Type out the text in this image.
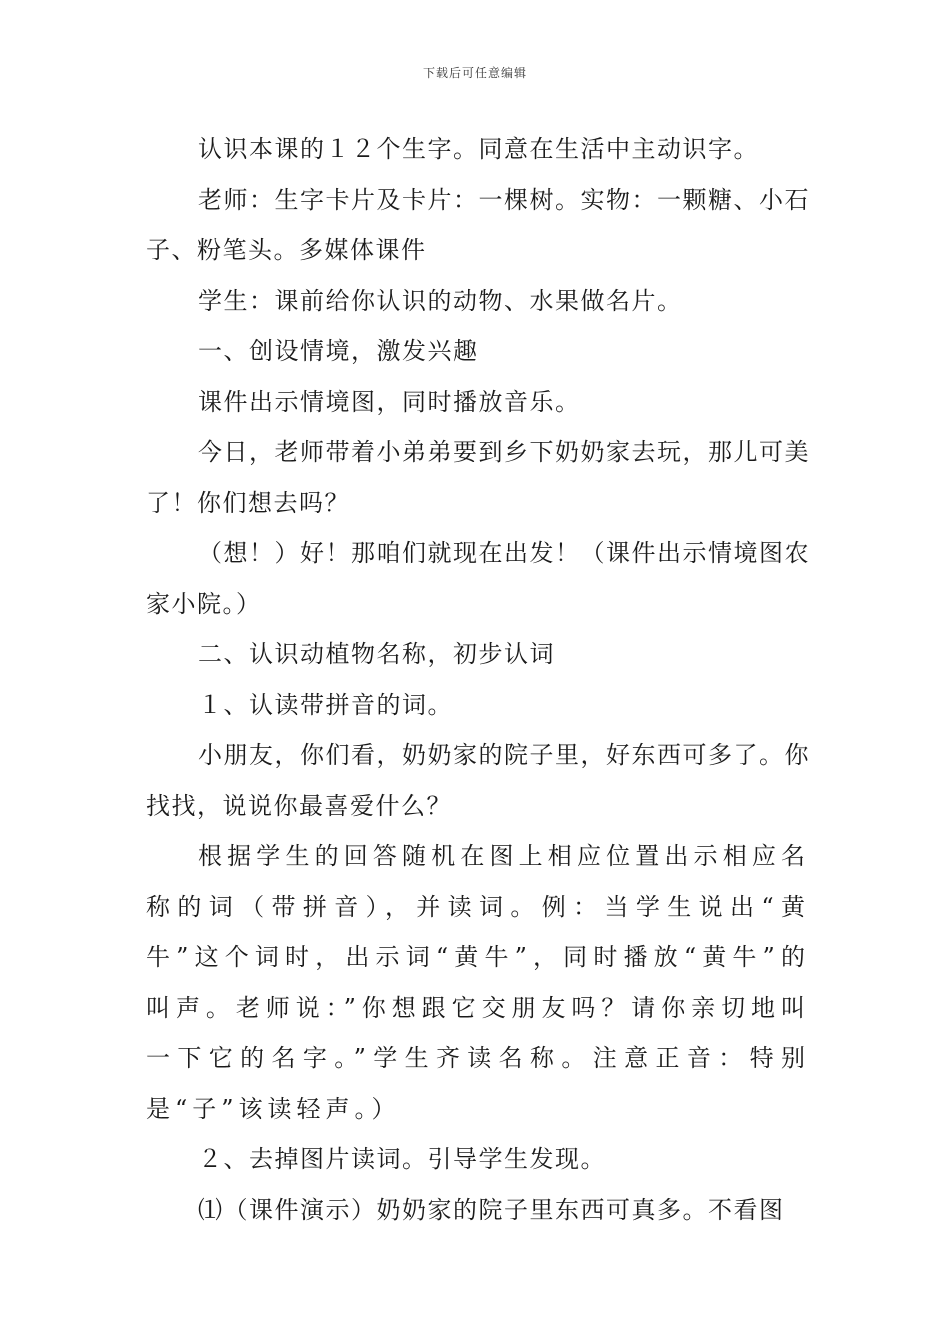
下载后可任意编辑

认识本课的１２个生字。同意在生活中主动识字。

老师：生字卡片及卡片：一棵树。实物：一颗糖、小石子、粉笔头。多媒体课件

学生：课前给你认识的动物、水果做名片。

一、创设情境，激发兴趣

课件出示情境图，同时播放音乐。

今日，老师带着小弟弟要到乡下奶奶家去玩，那儿可美了！你们想去吗？

（想！）好！那咱们就现在出发！（课件出示情境图农家小院。）

二、认识动植物名称，初步认词

１、认读带拼音的词。

小朋友，你们看，奶奶家的院子里，好东西可多了。你找找，说说你最喜爱什么？

根据学生的回答随机在图上相应位置出示相应名称的词（带拼音），并读词。例：当学生说出“黄牛”这个词时，出示词“黄牛”，同时播放“黄牛”的叫声。老师说：”你想跟它交朋友吗？请你亲切地叫一下它的名字。”学生齐读名称。注意正音：特别是“子”该读轻声。）

２、去掉图片读词。引导学生发现。

⑴（课件演示）奶奶家的院子里东西可真多。不看图
